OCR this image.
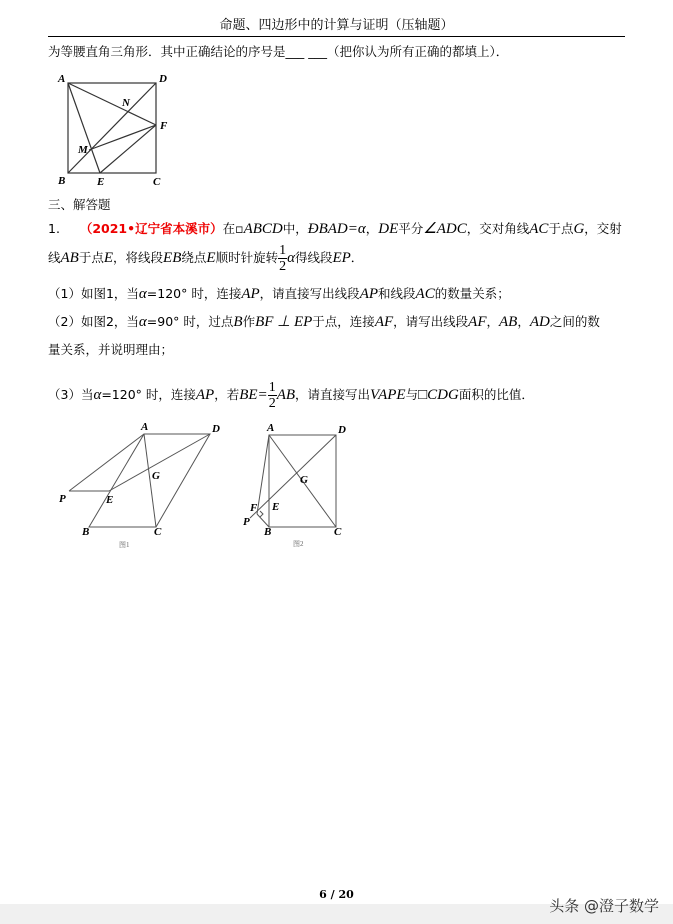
命题、四边形中的计算与证明（压轴题）
为等腰直角三角形．其中正确结论的序号是___ ___（把你认为所有正确的都填上）．
三、解答题
1. （2021•辽宁省本溪市）在▫ABCD中，ÐBAD=α，DE平分∠ADC，交对角线AC于点G，交射
线AB于点E，将线段EB绕点E顺时针旋转 $\frac{1}{2}$ α得线段EP．
（1）如图1，当α=120° 时，连接AP，请直接写出线段AP和线段AC的数量关系；
（2）如图2，当α=90° 时，过点B作BF ⊥ EP于点，连接AF，请写出线段AF，AB，AD之间的数
量关系，并说明理由；
（3）当α=120° 时，连接AP，若$BE= \frac{1}{2}$ AB，请直接写出VAPE与□CDG面积的比值．
A	D
N
F
M
B	E	C
A	D
G
P	E
B	C
图1
A	D
G
F E
P
B	C
图2
6 / 20
头条 @澄子数学
